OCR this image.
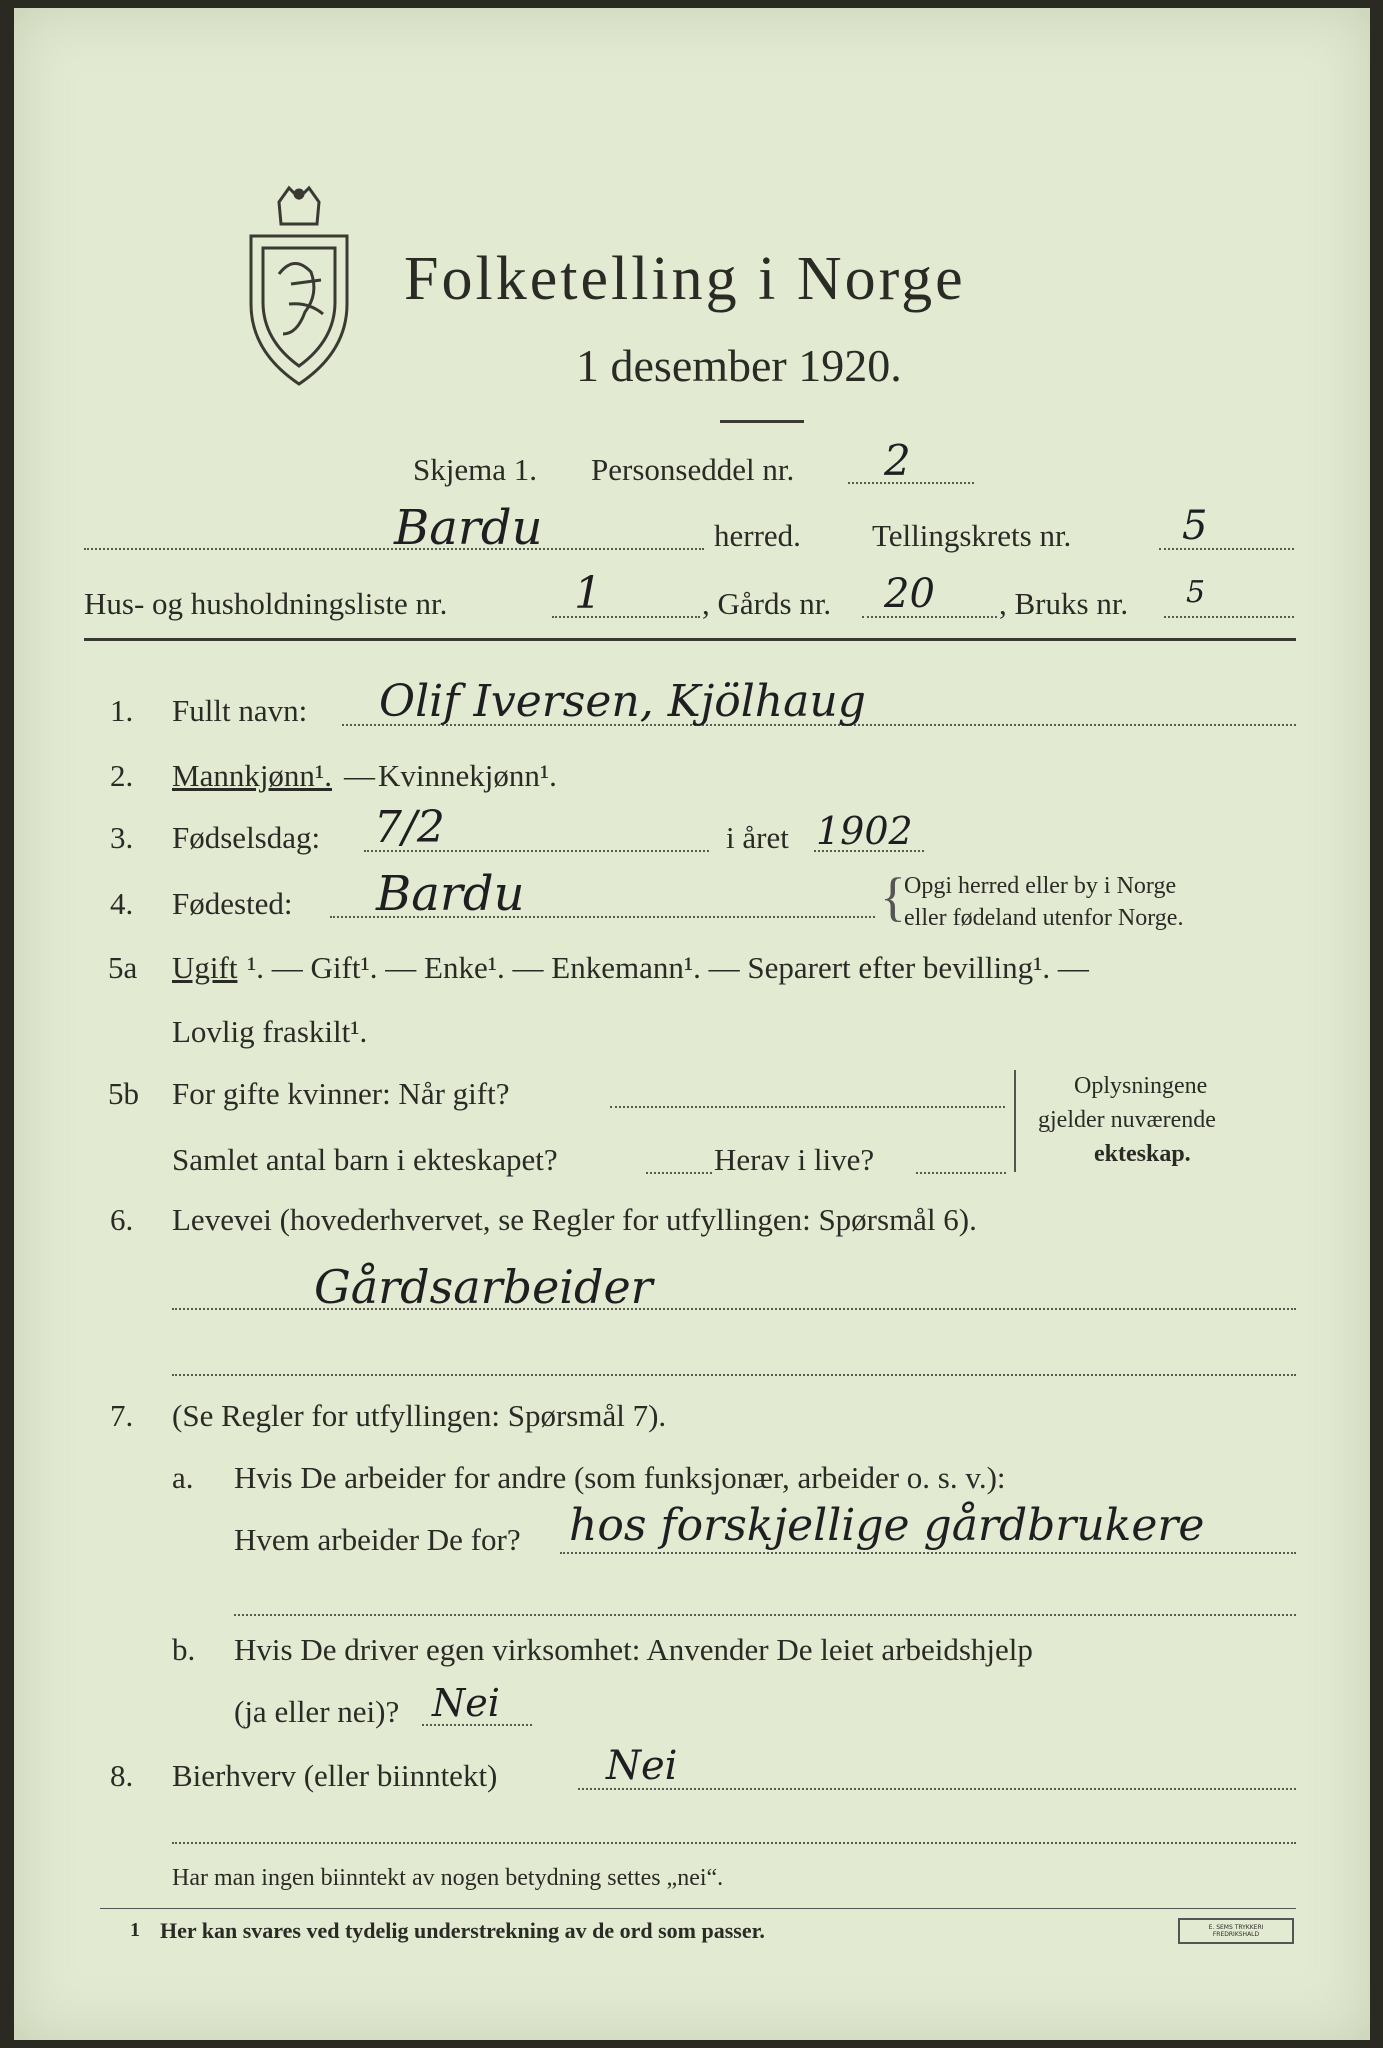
Folketelling i Norge
1 desember 1920.
Skjema 1. Personseddel nr. 2
Bardu	herred. Tellingskrets nr.	5
Hus- og husholdningsliste nr.	1	, Gårds nr. 20 , Bruks nr. 5
1. Fullt navn: Olif Iversen, Kjölhaug
2. Mannkjønn¹. — Kvinnekjønn¹.
3. Fødselsdag: 7/2	i året 1902
4. Fødested: Bardu	{
Opgi herred eller by i Norge
eller fødeland utenfor Norge.
5a Ugift ¹. — Gift¹. — Enke¹. — Enkemann¹. — Separert efter bevilling¹. —
Lovlig fraskilt¹.
5b For gifte kvinner: Når gift?
Samlet antal barn i ekteskapet?	Herav i live?
Oplysningene
gjelder nuværende
ekteskap.
6. Levevei (hovederhvervet, se Regler for utfyllingen: Spørsmål 6).
Gårdsarbeider
7. (Se Regler for utfyllingen: Spørsmål 7).
a. Hvis De arbeider for andre (som funksjonær, arbeider o. s. v.):
Hvem arbeider De for? hos forskjellige gårdbrukere
b. Hvis De driver egen virksomhet: Anvender De leiet arbeidshjelp
(ja eller nei)? Nei
8. Bierhverv (eller biinntekt)	Nei
Har man ingen biinntekt av nogen betydning settes „nei“.
1 Her kan svares ved tydelig understrekning av de ord som passer.	E. SEMS TRYKKERI FREDRIKSHALD
